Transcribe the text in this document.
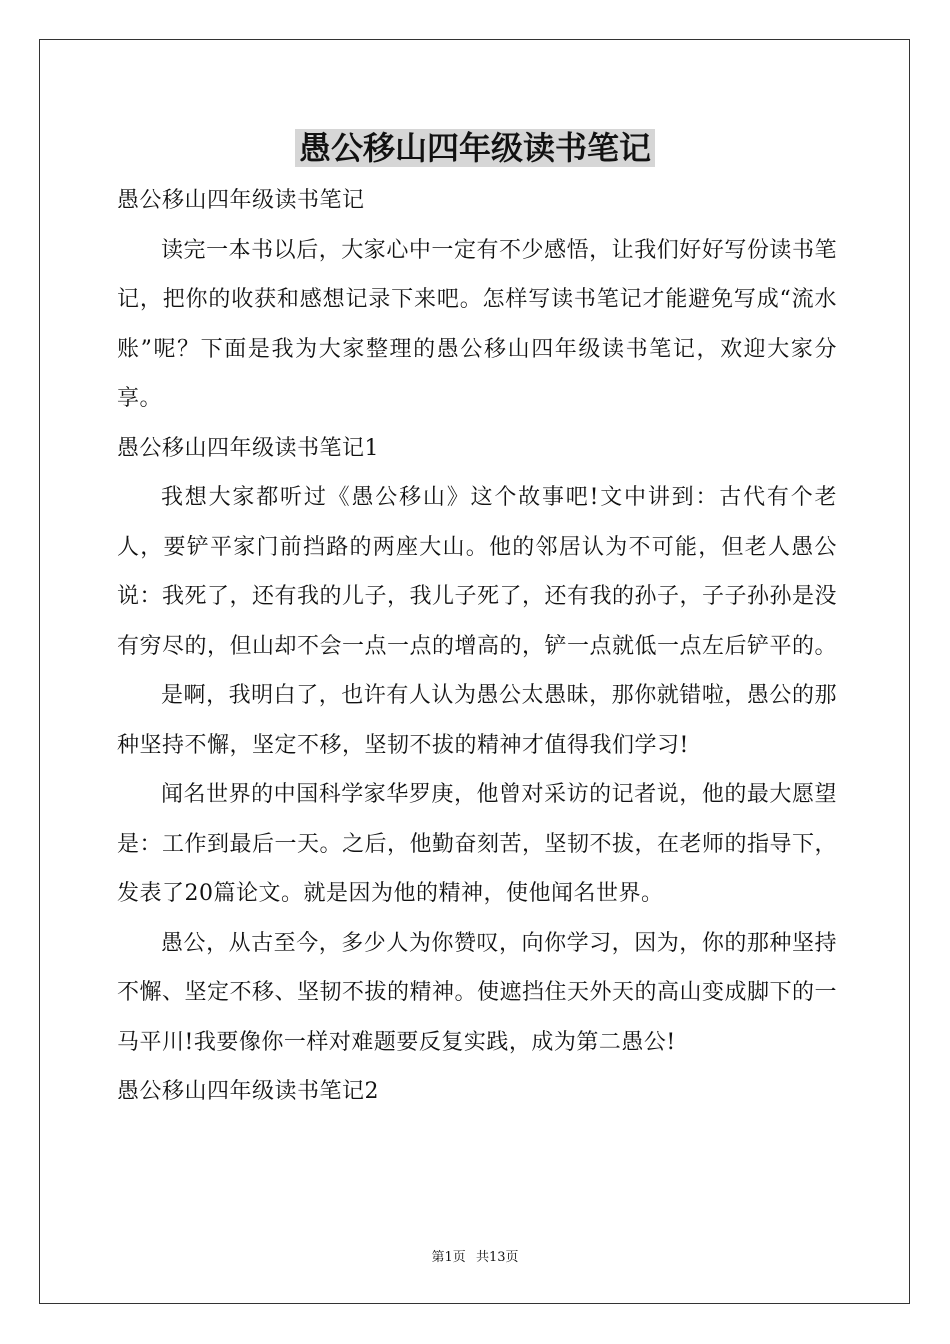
愚公移山四年级读书笔记

愚公移山四年级读书笔记

读完一本书以后，大家心中一定有不少感悟，让我们好好写份读书笔记，把你的收获和感想记录下来吧。怎样写读书笔记才能避免写成“流水账”呢？下面是我为大家整理的愚公移山四年级读书笔记，欢迎大家分享。

愚公移山四年级读书笔记1

我想大家都听过《愚公移山》这个故事吧!文中讲到：古代有个老人，要铲平家门前挡路的两座大山。他的邻居认为不可能，但老人愚公说：我死了，还有我的儿子，我儿子死了，还有我的孙子，子子孙孙是没有穷尽的，但山却不会一点一点的增高的，铲一点就低一点左后铲平的。

是啊，我明白了，也许有人认为愚公太愚昧，那你就错啦，愚公的那种坚持不懈，坚定不移，坚韧不拔的精神才值得我们学习!

闻名世界的中国科学家华罗庚，他曾对采访的记者说，他的最大愿望是：工作到最后一天。之后，他勤奋刻苦，坚韧不拔，在老师的指导下，发表了20篇论文。就是因为他的精神，使他闻名世界。

愚公，从古至今，多少人为你赞叹，向你学习，因为，你的那种坚持不懈、坚定不移、坚韧不拔的精神。使遮挡住天外天的高山变成脚下的一马平川!我要像你一样对难题要反复实践，成为第二愚公!

愚公移山四年级读书笔记2

第1页 共13页
